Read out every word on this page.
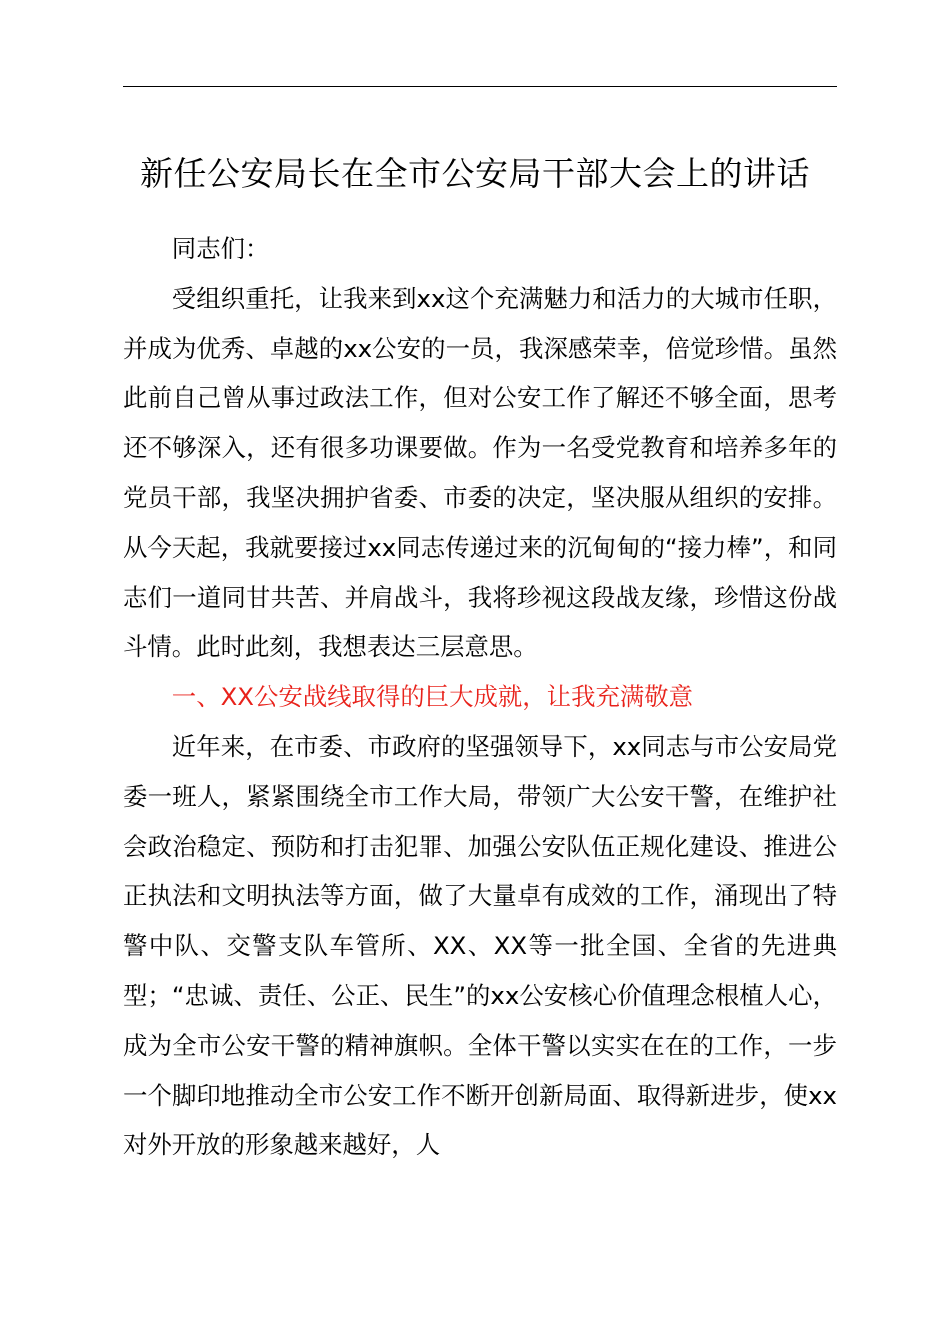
新任公安局长在全市公安局干部大会上的讲话

同志们：

受组织重托，让我来到xx这个充满魅力和活力的大城市任职，并成为优秀、卓越的xx公安的一员，我深感荣幸，倍觉珍惜。虽然此前自己曾从事过政法工作，但对公安工作了解还不够全面，思考还不够深入，还有很多功课要做。作为一名受党教育和培养多年的党员干部，我坚决拥护省委、市委的决定，坚决服从组织的安排。从今天起，我就要接过xx同志传递过来的沉甸甸的“接力棒”，和同志们一道同甘共苦、并肩战斗，我将珍视这段战友缘，珍惜这份战斗情。此时此刻，我想表达三层意思。

一、XX公安战线取得的巨大成就，让我充满敬意

近年来，在市委、市政府的坚强领导下，xx同志与市公安局党委一班人，紧紧围绕全市工作大局，带领广大公安干警，在维护社会政治稳定、预防和打击犯罪、加强公安队伍正规化建设、推进公正执法和文明执法等方面，做了大量卓有成效的工作，涌现出了特警中队、交警支队车管所、XX、XX等一批全国、全省的先进典型；“忠诚、责任、公正、民生”的xx公安核心价值理念根植人心，成为全市公安干警的精神旗帜。全体干警以实实在在的工作，一步一个脚印地推动全市公安工作不断开创新局面、取得新进步，使xx对外开放的形象越来越好，人
